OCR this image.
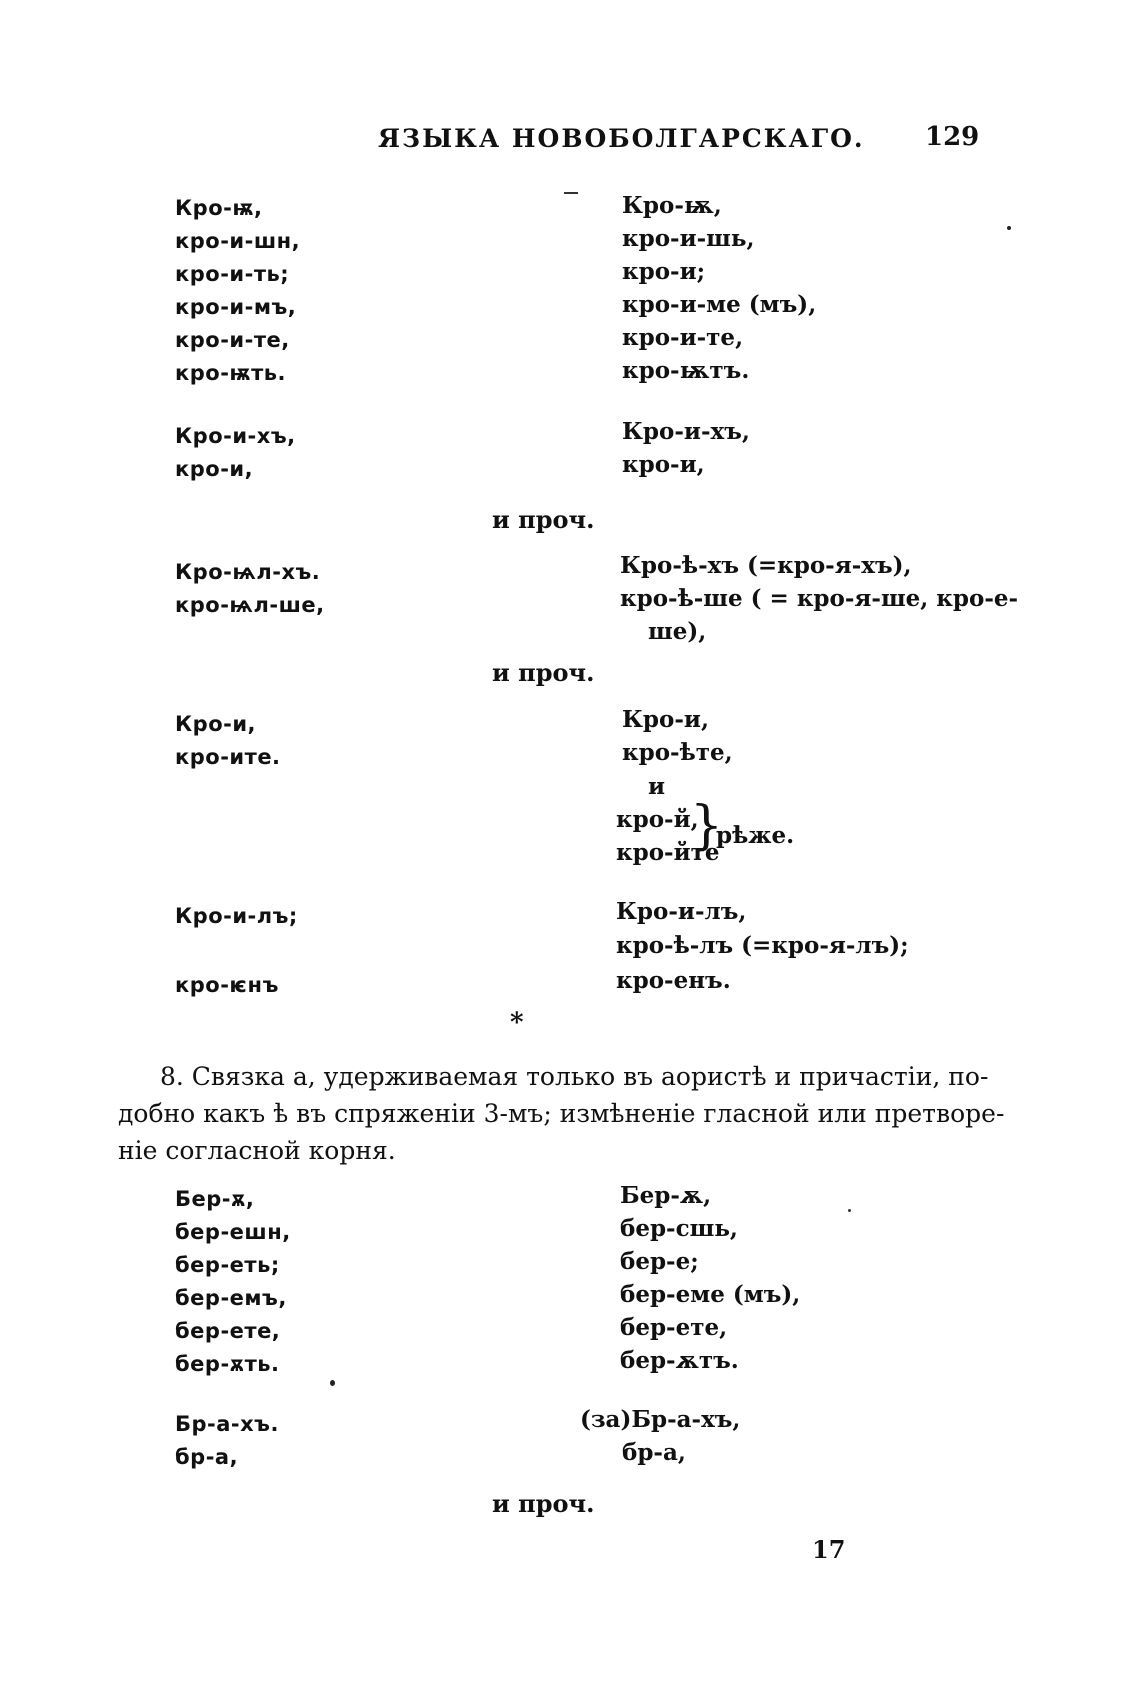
ЯЗЫКА НОВОБОЛГАРСКАГО. 129
Кро-ѭ,
кро-и-шн,
кро-и-ть;
кро-и-мъ,
кро-и-те,
кро-ѭть.
Кро-ѭ,
кро-и-шь,
кро-и;
кро-и-ме (мъ),
кро-и-те,
кро-ѭтъ.
Кро-и-хъ,
кро-и,
Кро-и-хъ,
кро-и,
и проч.
Кро-ѩл-хъ.
кро-ѩл-ше,
Кро-ѣ-хъ (=кро-я-хъ),
кро-ѣ-ше ( = кро-я-ше, кро-е-
ше),
и проч.
Кро-и,
кро-ите.
Кро-и,
кро-ѣте,
и
кро-й,
кро-йте
}
рѣже.
Кро-и-лъ;
кро-ѥнъ
Кро-и-лъ,
кро-ѣ-лъ (=кро-я-лъ);
кро-енъ.
*
8. Связка а, удерживаемая только въ аористѣ и причастіи, по-
добно какъ ѣ въ спряженіи 3-мъ; измѣненіе гласной или претворе-
ніе согласной корня.
Бер-ѫ,
бер-ешн,
бер-еть;
бер-емъ,
бер-ете,
бер-ѫть.
Бер-ѫ,
бер-сшь,
бер-е;
бер-еме (мъ),
бер-ете,
бер-ѫтъ.
Бр-а-хъ.
бр-а,
(за)Бр-а-хъ,
бр-а,
и проч.
17
